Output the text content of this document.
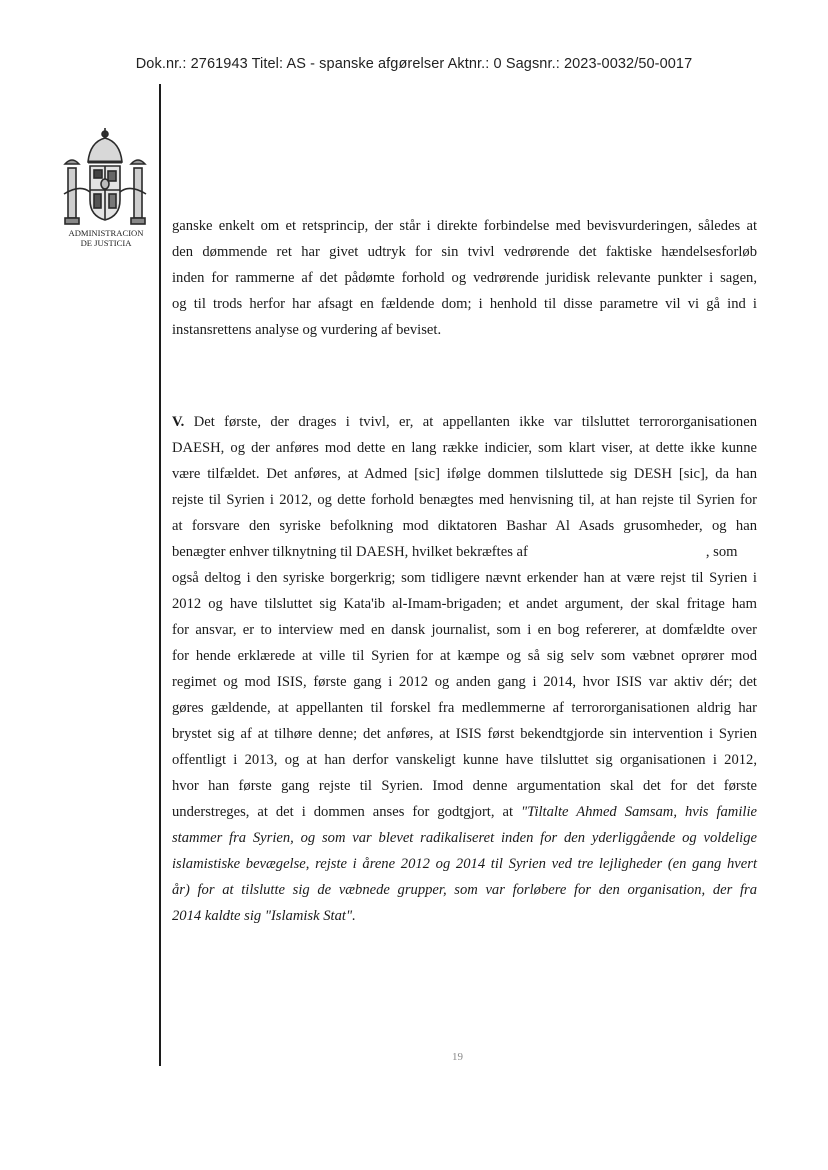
Dok.nr.: 2761943 Titel: AS - spanske afgørelser Aktnr.: 0 Sagsnr.: 2023-0032/50-0017
ADMINISTRACION
DE JUSTICIA
ganske enkelt om et retsprincip, der står i direkte forbindelse med bevisvurderingen, således at
den dømmende ret har givet udtryk for sin tvivl vedrørende det faktiske hændelsesforløb
inden for rammerne af det pådømte forhold og vedrørende juridisk relevante punkter i sagen,
og til trods herfor har afsagt en fældende dom; i henhold til disse parametre vil vi gå ind i
instansrettens analyse og vurdering af beviset.
V. Det første, der drages i tvivl, er, at appellanten ikke var tilsluttet terrororganisationen
DAESH, og der anføres mod dette en lang række indicier, som klart viser, at dette ikke kunne
være tilfældet. Det anføres, at Admed [sic] ifølge dommen tilsluttede sig DESH [sic], da han
rejste til Syrien i 2012, og dette forhold benægtes med henvisning til, at han rejste til Syrien for
at forsvare den syriske befolkning mod diktatoren Bashar Al Asads grusomheder, og han
benægter enhver tilknytning til DAESH, hvilket bekræftes af	, som
også deltog i den syriske borgerkrig; som tidligere nævnt erkender han at være rejst til Syrien i
2012 og have tilsluttet sig Kata'ib al-Imam-brigaden; et andet argument, der skal fritage ham
for ansvar, er to interview med en dansk journalist, som i en bog refererer, at domfældte over
for hende erklærede at ville til Syrien for at kæmpe og så sig selv som væbnet oprører mod
regimet og mod ISIS, første gang i 2012 og anden gang i 2014, hvor ISIS var aktiv dér; det
gøres gældende, at appellanten til forskel fra medlemmerne af terrororganisationen aldrig har
brystet sig af at tilhøre denne; det anføres, at ISIS først bekendtgjorde sin intervention i Syrien
offentligt i 2013, og at han derfor vanskeligt kunne have tilsluttet sig organisationen i 2012,
hvor han første gang rejste til Syrien. Imod denne argumentation skal det for det første
understreges, at det i dommen anses for godtgjort, at "Tiltalte Ahmed Samsam, hvis familie
stammer fra Syrien, og som var blevet radikaliseret inden for den yderliggående og voldelige
islamistiske bevægelse, rejste i årene 2012 og 2014 til Syrien ved tre lejligheder (en gang hvert
år) for at tilslutte sig de væbnede grupper, som var forløbere for den organisation, der fra
2014 kaldte sig "Islamisk Stat".
19
